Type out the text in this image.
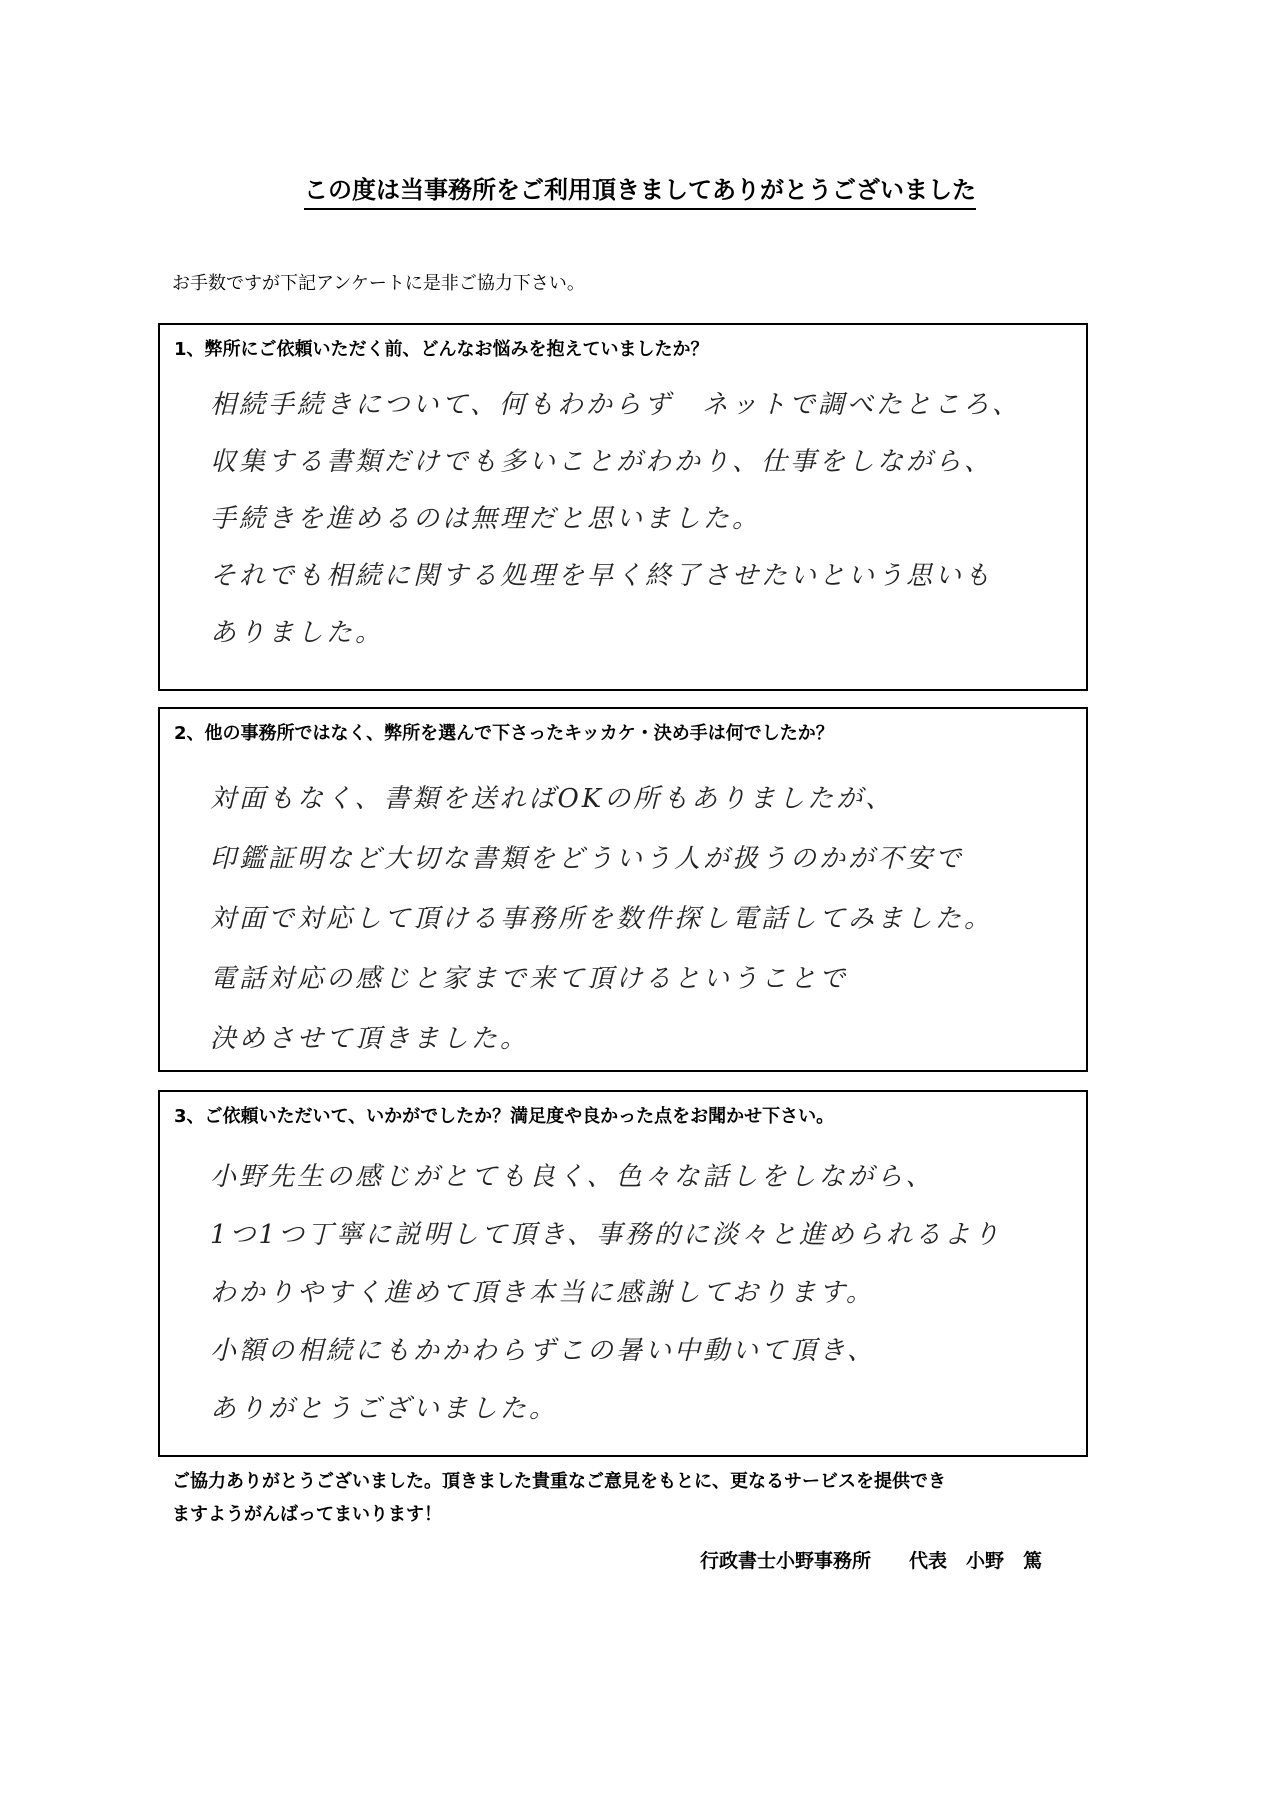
この度は当事務所をご利用頂きましてありがとうございました
お手数ですが下記アンケートに是非ご協力下さい。
1、弊所にご依頼いただく前、どんなお悩みを抱えていましたか？
相続手続きについて、何もわからず　ネットで調べたところ、
収集する書類だけでも多いことがわかり、仕事をしながら、
手続きを進めるのは無理だと思いました。
それでも相続に関する処理を早く終了させたいという思いも
ありました。
2、他の事務所ではなく、弊所を選んで下さったキッカケ・決め手は何でしたか？
対面もなく、書類を送ればOKの所もありましたが、
印鑑証明など大切な書類をどういう人が扱うのかが不安で
対面で対応して頂ける事務所を数件探し電話してみました。
電話対応の感じと家まで来て頂けるということで
決めさせて頂きました。
3、ご依頼いただいて、いかがでしたか？満足度や良かった点をお聞かせ下さい。
小野先生の感じがとても良く、色々な話しをしながら、
1つ1つ丁寧に説明して頂き、事務的に淡々と進められるより
わかりやすく進めて頂き本当に感謝しております。
小額の相続にもかかわらずこの暑い中動いて頂き、
ありがとうございました。
ご協力ありがとうございました。頂きました貴重なご意見をもとに、更なるサービスを提供でき
ますようがんばってまいります！
行政書士小野事務所　　代表　小野　篤
